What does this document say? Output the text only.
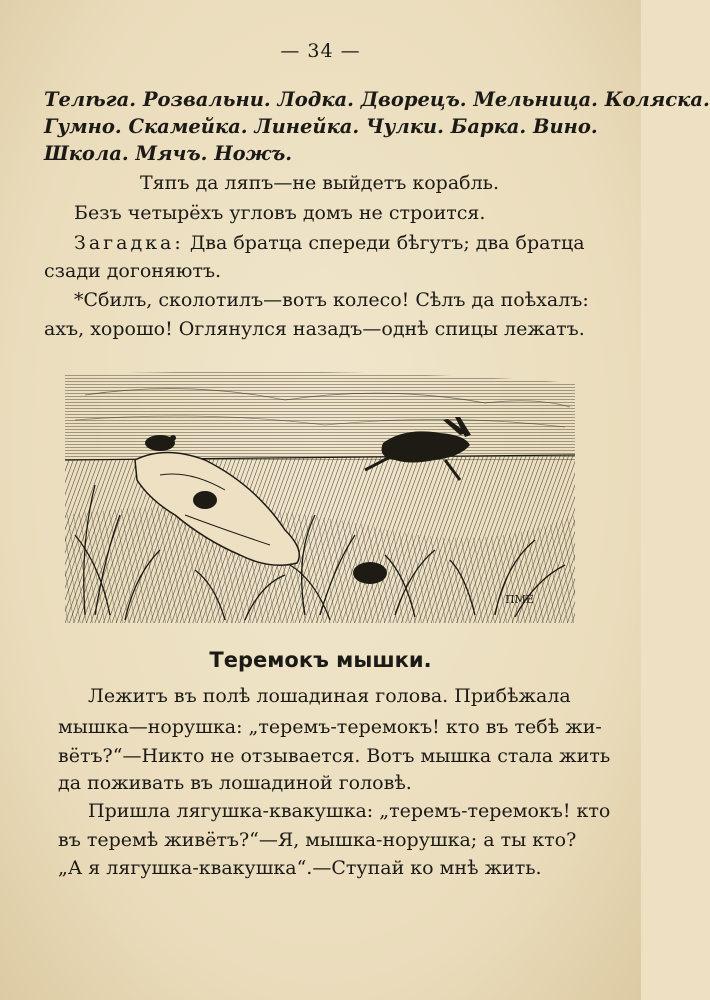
— 34 —
Телѣга. Розвальни. Лодка. Дворецъ. Мельница. Коляска.
Гумно. Скамейка. Линейка. Чулки. Барка. Вино.
Школа. Мячъ. Ножъ.
Тяпъ да ляпъ—не выйдетъ корабль.
Безъ четырёхъ угловъ домъ не строится.
Загадка: Два братца спереди бѣгутъ; два братца
сзади догоняютъ.
*Сбилъ, сколотилъ—вотъ колесо! Сѣлъ да поѣхалъ:
ахъ, хорошо! Оглянулся назадъ—однѣ спицы лежатъ.
ПМЕ
Теремокъ мышки.
Лежитъ въ полѣ лошадиная голова. Прибѣжала
мышка—норушка: „теремъ-теремокъ! кто въ тебѣ жи-
вётъ?“—Никто не отзывается. Вотъ мышка стала жить
да поживать въ лошадиной головѣ.
Пришла лягушка-квакушка: „теремъ-теремокъ! кто
въ теремѣ живётъ?“—Я, мышка-норушка; а ты кто?
„А я лягушка-квакушка“.—Ступай ко мнѣ жить.
